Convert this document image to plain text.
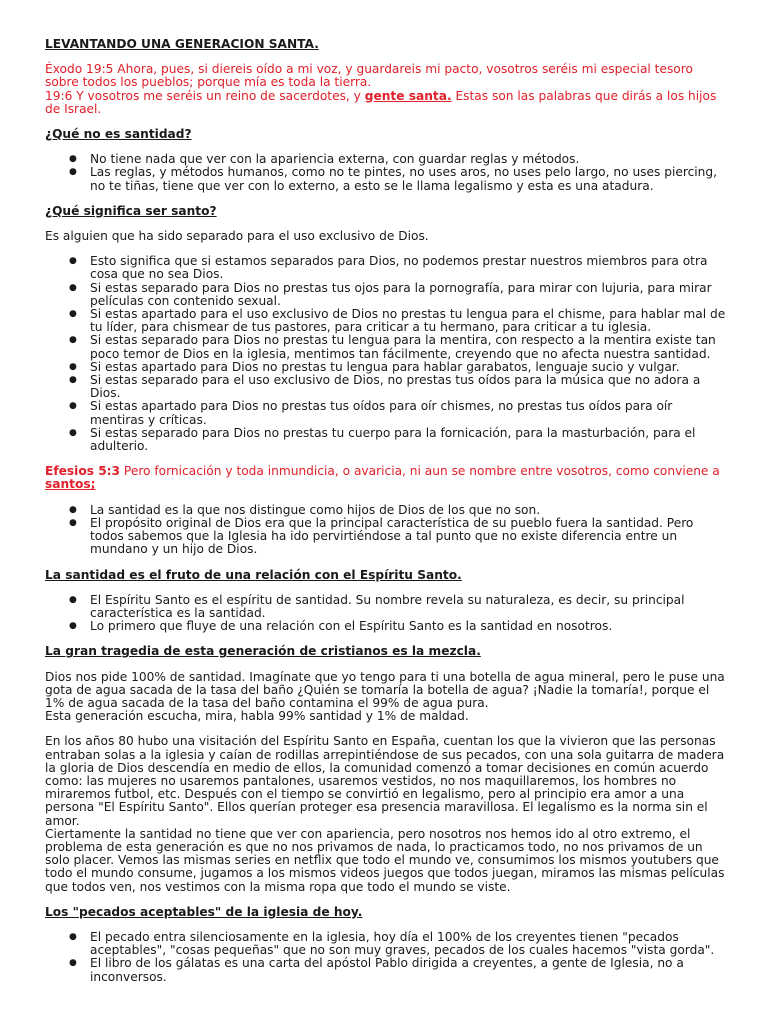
LEVANTANDO UNA GENERACION SANTA.

Éxodo 19:5 Ahora, pues, si diereis oído a mi voz, y guardareis mi pacto, vosotros seréis mi especial tesoro sobre todos los pueblos; porque mía es toda la tierra.

19:6 Y vosotros me seréis un reino de sacerdotes, y gente santa. Estas son las palabras que dirás a los hijos de Israel.

¿Qué no es santidad?

● No tiene nada que ver con la apariencia externa, con guardar reglas y métodos.
● Las reglas, y métodos humanos, como no te pintes, no uses aros, no uses pelo largo, no uses piercing, no te tiñas, tiene que ver con lo externo, a esto se le llama legalismo y esta es una atadura.

¿Qué significa ser santo?

Es alguien que ha sido separado para el uso exclusivo de Dios.

● Esto significa que si estamos separados para Dios, no podemos prestar nuestros miembros para otra cosa que no sea Dios.
● Si estas separado para Dios no prestas tus ojos para la pornografía, para mirar con lujuria, para mirar películas con contenido sexual.
● Si estas apartado para el uso exclusivo de Dios no prestas tu lengua para el chisme, para hablar mal de tu líder, para chismear de tus pastores, para criticar a tu hermano, para criticar a tu iglesia.
● Si estas separado para Dios no prestas tu lengua para la mentira, con respecto a la mentira existe tan poco temor de Dios en la iglesia, mentimos tan fácilmente, creyendo que no afecta nuestra santidad.
● Si estas apartado para Dios no prestas tu lengua para hablar garabatos, lenguaje sucio y vulgar.
● Si estas separado para el uso exclusivo de Dios, no prestas tus oídos para la música que no adora a Dios.
● Si estas apartado para Dios no prestas tus oídos para oír chismes, no prestas tus oídos para oír mentiras y críticas.
● Si estas separado para Dios no prestas tu cuerpo para la fornicación, para la masturbación, para el adulterio.

Efesios 5:3 Pero fornicación y toda inmundicia, o avaricia, ni aun se nombre entre vosotros, como conviene a santos;

● La santidad es la que nos distingue como hijos de Dios de los que no son.
● El propósito original de Dios era que la principal característica de su pueblo fuera la santidad. Pero todos sabemos que la Iglesia ha ido pervirtiéndose a tal punto que no existe diferencia entre un mundano y un hijo de Dios.

La santidad es el fruto de una relación con el Espíritu Santo.

● El Espíritu Santo es el espíritu de santidad. Su nombre revela su naturaleza, es decir, su principal característica es la santidad.
● Lo primero que fluye de una relación con el Espíritu Santo es la santidad en nosotros.

La gran tragedia de esta generación de cristianos es la mezcla.

Dios nos pide 100% de santidad. Imagínate que yo tengo para ti una botella de agua mineral, pero le puse una gota de agua sacada de la tasa del baño ¿Quién se tomaría la botella de agua? ¡Nadie la tomaría!, porque el 1% de agua sacada de la tasa del baño contamina el 99% de agua pura.

Esta generación escucha, mira, habla 99% santidad y 1% de maldad.

En los años 80 hubo una visitación del Espíritu Santo en España, cuentan los que la vivieron que las personas entraban solas a la iglesia y caían de rodillas arrepintiéndose de sus pecados, con una sola guitarra de madera la gloria de Dios descendía en medio de ellos, la comunidad comenzó a tomar decisiones en común acuerdo como: las mujeres no usaremos pantalones, usaremos vestidos, no nos maquillaremos, los hombres no miraremos futbol, etc. Después con el tiempo se convirtió en legalismo, pero al principio era amor a una persona "El Espíritu Santo". Ellos querían proteger esa presencia maravillosa. El legalismo es la norma sin el amor.

Ciertamente la santidad no tiene que ver con apariencia, pero nosotros nos hemos ido al otro extremo, el problema de esta generación es que no nos privamos de nada, lo practicamos todo, no nos privamos de un solo placer. Vemos las mismas series en netflix que todo el mundo ve, consumimos los mismos youtubers que todo el mundo consume, jugamos a los mismos videos juegos que todos juegan, miramos las mismas películas que todos ven, nos vestimos con la misma ropa que todo el mundo se viste.

Los "pecados aceptables" de la iglesia de hoy.

● El pecado entra silenciosamente en la iglesia, hoy día el 100% de los creyentes tienen "pecados aceptables", "cosas pequeñas" que no son muy graves, pecados de los cuales hacemos "vista gorda".
● El libro de los gálatas es una carta del apóstol Pablo dirigida a creyentes, a gente de Iglesia, no a inconversos.
